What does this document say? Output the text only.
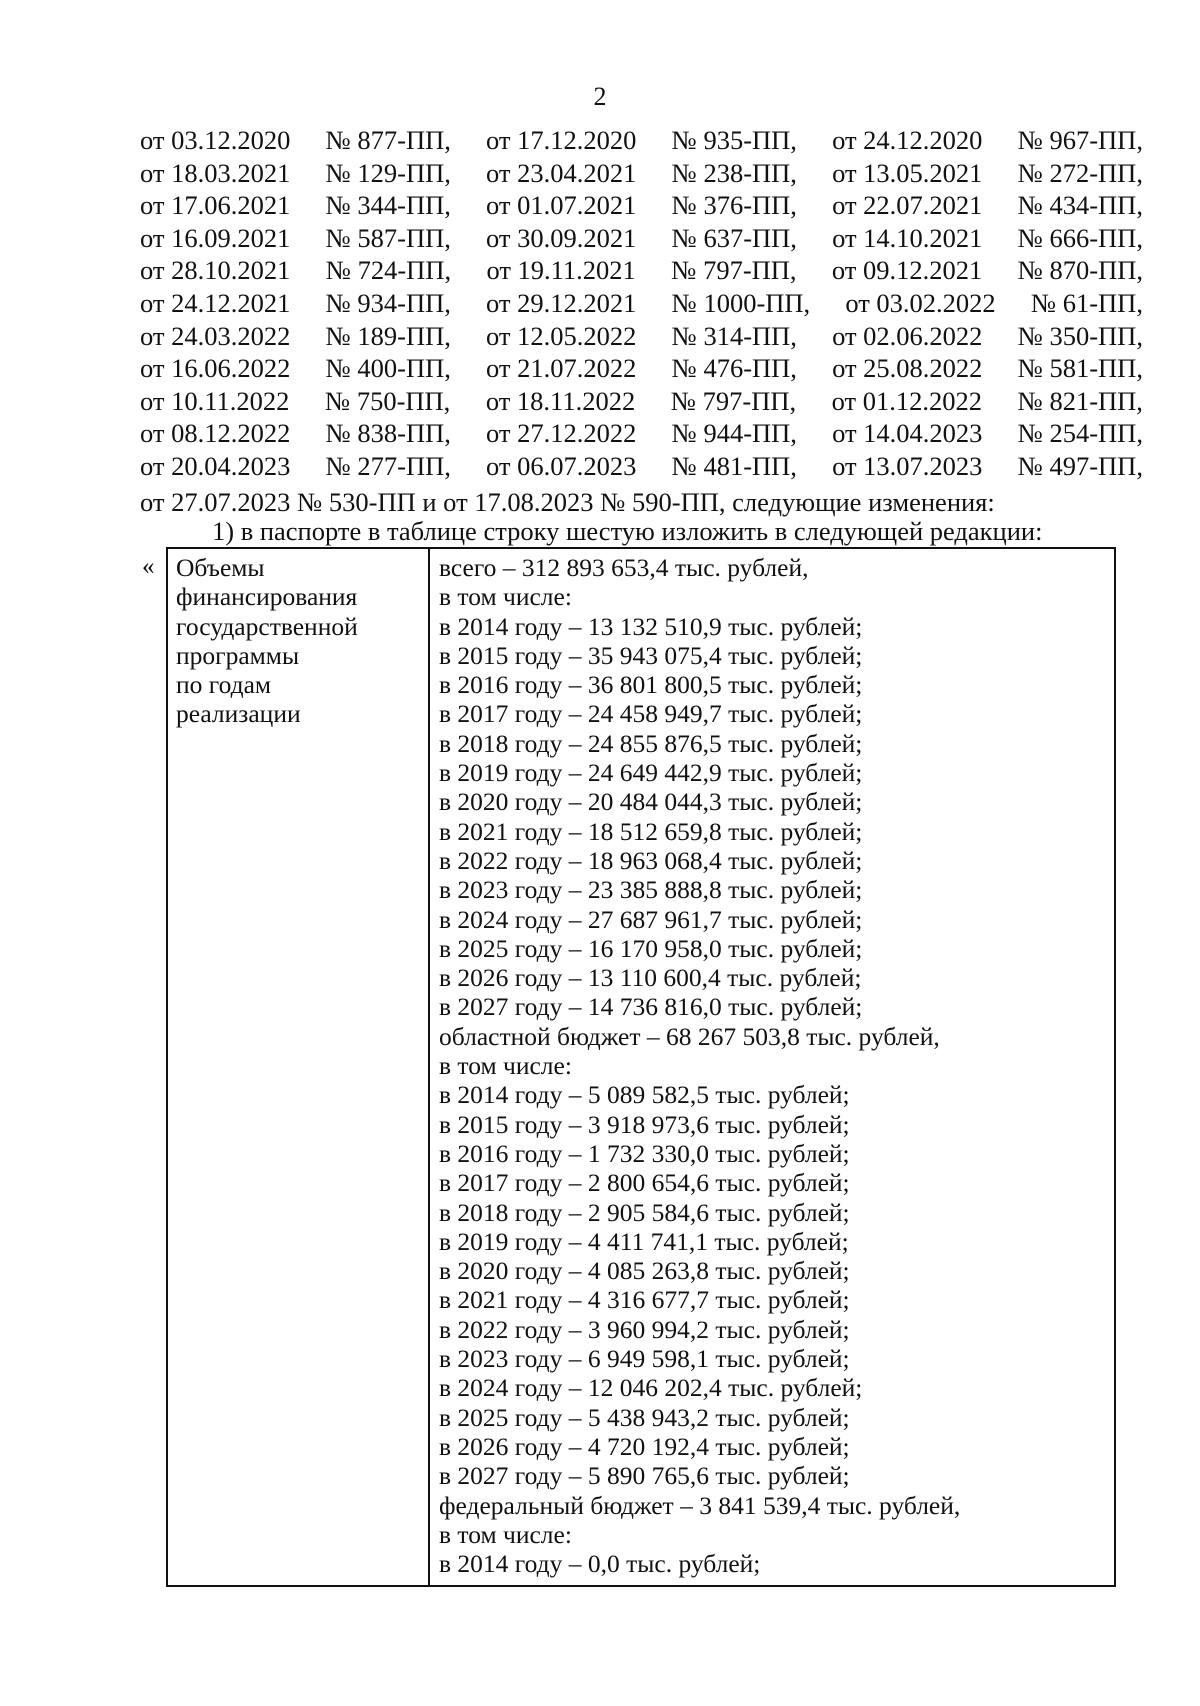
2
от 03.12.2020 № 877-ПП, от 17.12.2020 № 935-ПП, от 24.12.2020 № 967-ПП,
от 18.03.2021 № 129-ПП, от 23.04.2021 № 238-ПП, от 13.05.2021 № 272-ПП,
от 17.06.2021 № 344-ПП, от 01.07.2021 № 376-ПП, от 22.07.2021 № 434-ПП,
от 16.09.2021 № 587-ПП, от 30.09.2021 № 637-ПП, от 14.10.2021 № 666-ПП,
от 28.10.2021 № 724-ПП, от 19.11.2021 № 797-ПП, от 09.12.2021 № 870-ПП,
от 24.12.2021 № 934-ПП, от 29.12.2021 № 1000-ПП, от 03.02.2022 № 61-ПП,
от 24.03.2022 № 189-ПП, от 12.05.2022 № 314-ПП, от 02.06.2022 № 350-ПП,
от 16.06.2022 № 400-ПП, от 21.07.2022 № 476-ПП, от 25.08.2022 № 581-ПП,
от 10.11.2022 № 750-ПП, от 18.11.2022 № 797-ПП, от 01.12.2022 № 821-ПП,
от 08.12.2022 № 838-ПП, от 27.12.2022 № 944-ПП, от 14.04.2023 № 254-ПП,
от 20.04.2023 № 277-ПП, от 06.07.2023 № 481-ПП, от 13.07.2023 № 497-ПП,
от 27.07.2023 № 530-ПП и от 17.08.2023 № 590-ПП, следующие изменения:
1) в паспорте в таблице строку шестую изложить в следующей редакции:
« Объемы
финансирования
государственной
программы
по годам
реализации
всего – 312 893 653,4 тыс. рублей,
в том числе:
в 2014 году – 13 132 510,9 тыс. рублей;
в 2015 году – 35 943 075,4 тыс. рублей;
в 2016 году – 36 801 800,5 тыс. рублей;
в 2017 году – 24 458 949,7 тыс. рублей;
в 2018 году – 24 855 876,5 тыс. рублей;
в 2019 году – 24 649 442,9 тыс. рублей;
в 2020 году – 20 484 044,3 тыс. рублей;
в 2021 году – 18 512 659,8 тыс. рублей;
в 2022 году – 18 963 068,4 тыс. рублей;
в 2023 году – 23 385 888,8 тыс. рублей;
в 2024 году – 27 687 961,7 тыс. рублей;
в 2025 году – 16 170 958,0 тыс. рублей;
в 2026 году – 13 110 600,4 тыс. рублей;
в 2027 году – 14 736 816,0 тыс. рублей;
областной бюджет – 68 267 503,8 тыс. рублей,
в том числе:
в 2014 году – 5 089 582,5 тыс. рублей;
в 2015 году – 3 918 973,6 тыс. рублей;
в 2016 году – 1 732 330,0 тыс. рублей;
в 2017 году – 2 800 654,6 тыс. рублей;
в 2018 году – 2 905 584,6 тыс. рублей;
в 2019 году – 4 411 741,1 тыс. рублей;
в 2020 году – 4 085 263,8 тыс. рублей;
в 2021 году – 4 316 677,7 тыс. рублей;
в 2022 году – 3 960 994,2 тыс. рублей;
в 2023 году – 6 949 598,1 тыс. рублей;
в 2024 году – 12 046 202,4 тыс. рублей;
в 2025 году – 5 438 943,2 тыс. рублей;
в 2026 году – 4 720 192,4 тыс. рублей;
в 2027 году – 5 890 765,6 тыс. рублей;
федеральный бюджет – 3 841 539,4 тыс. рублей,
в том числе:
в 2014 году – 0,0 тыс. рублей;
